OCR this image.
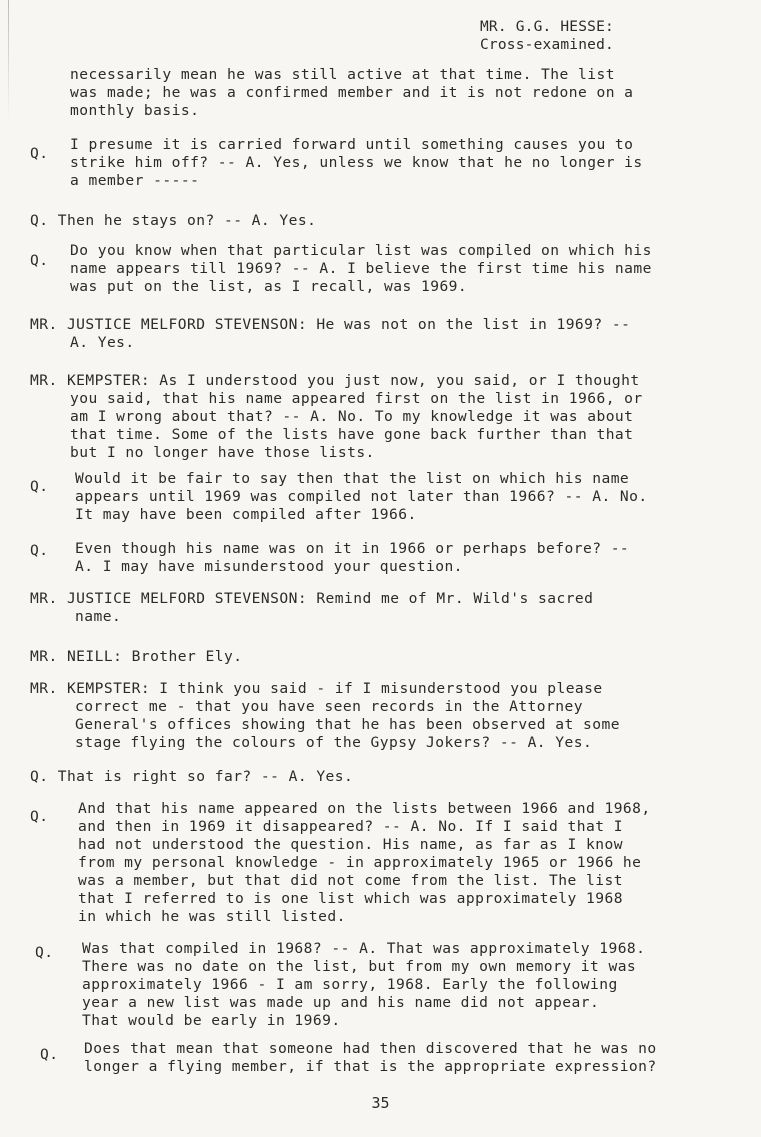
MR. G.G. HESSE:
Cross-examined.
necessarily mean he was still active at that time. The list
was made; he was a confirmed member and it is not redone on a
monthly basis.
Q.
I presume it is carried forward until something causes you to
strike him off? -- A. Yes, unless we know that he no longer is
a member -----
Q. Then he stays on? -- A. Yes.
Q.
Do you know when that particular list was compiled on which his
name appears till 1969? -- A. I believe the first time his name
was put on the list, as I recall, was 1969.
MR. JUSTICE MELFORD STEVENSON: He was not on the list in 1969? --
A. Yes.
MR. KEMPSTER: As I understood you just now, you said, or I thought
you said, that his name appeared first on the list in 1966, or
am I wrong about that? -- A. No. To my knowledge it was about
that time. Some of the lists have gone back further than that
but I no longer have those lists.
Q. Would it be fair to say then that the list on which his name
appears until 1969 was compiled not later than 1966? -- A. No.
It may have been compiled after 1966.
Q. Even though his name was on it in 1966 or perhaps before? --
A. I may have misunderstood your question.
MR. JUSTICE MELFORD STEVENSON: Remind me of Mr. Wild's sacred
name.
MR. NEILL: Brother Ely.
MR. KEMPSTER: I think you said - if I misunderstood you please
correct me - that you have seen records in the Attorney
General's offices showing that he has been observed at some
stage flying the colours of the Gypsy Jokers? -- A. Yes.
Q. That is right so far? -- A. Yes.
Q. And that his name appeared on the lists between 1966 and 1968,
and then in 1969 it disappeared? -- A. No. If I said that I
had not understood the question. His name, as far as I know
from my personal knowledge - in approximately 1965 or 1966 he
was a member, but that did not come from the list. The list
that I referred to is one list which was approximately 1968
in which he was still listed.
Q. Was that compiled in 1968? -- A. That was approximately 1968.
There was no date on the list, but from my own memory it was
approximately 1966 - I am sorry, 1968. Early the following
year a new list was made up and his name did not appear.
That would be early in 1969.
Q. Does that mean that someone had then discovered that he was no
longer a flying member, if that is the appropriate expression?
35
